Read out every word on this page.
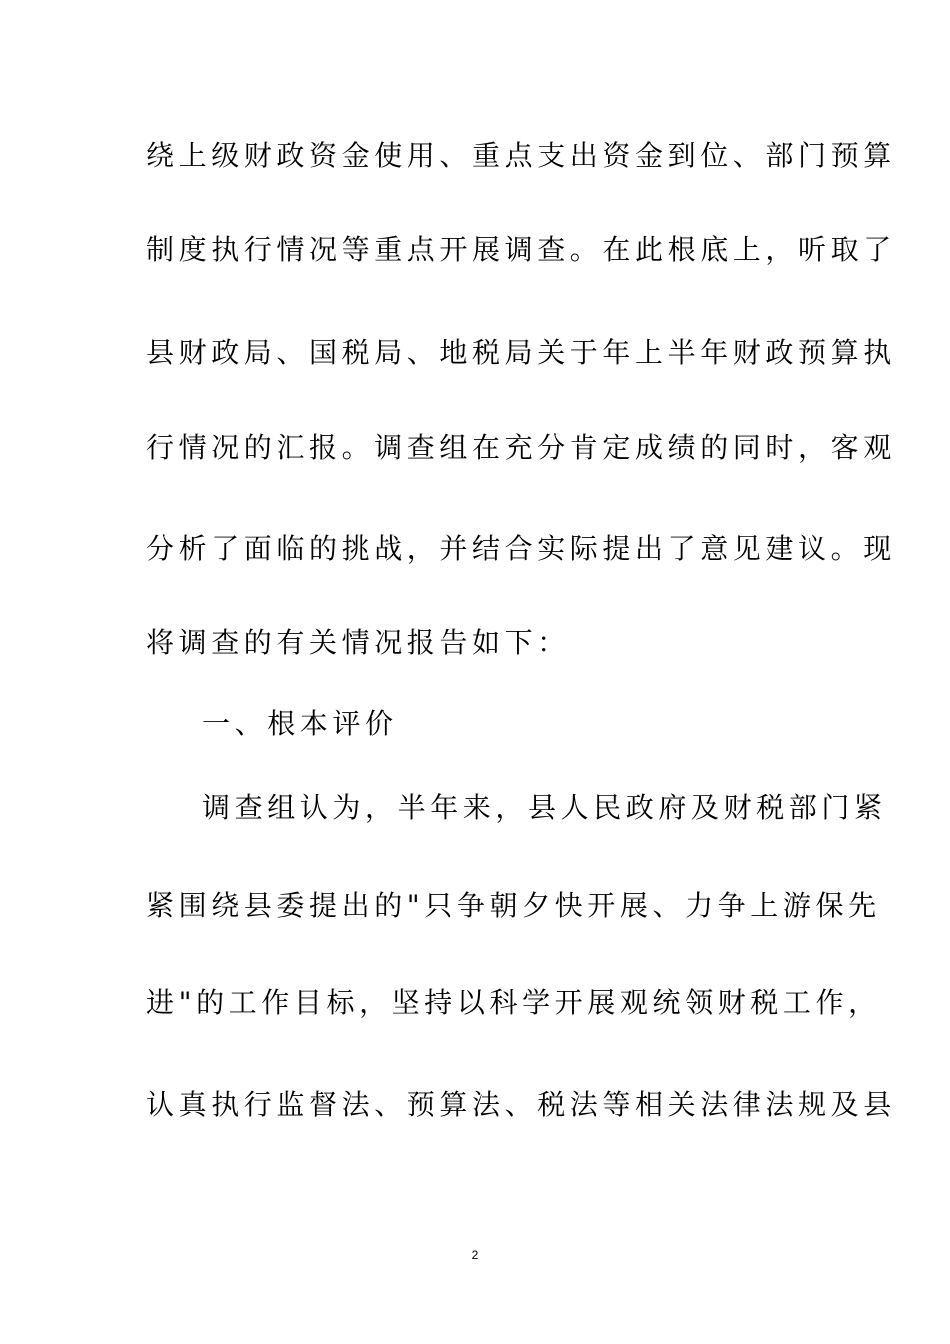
绕上级财政资金使用、重点支出资金到位、部门预算
制度执行情况等重点开展调查。在此根底上，听取了
县财政局、国税局、地税局关于年上半年财政预算执
行情况的汇报。调查组在充分肯定成绩的同时，客观
分析了面临的挑战，并结合实际提出了意见建议。现
将调查的有关情况报告如下：
一、根本评价
调查组认为，半年来，县人民政府及财税部门紧
紧围绕县委提出的"只争朝夕快开展、力争上游保先
进"的工作目标，坚持以科学开展观统领财税工作，
认真执行监督法、预算法、税法等相关法律法规及县
2
